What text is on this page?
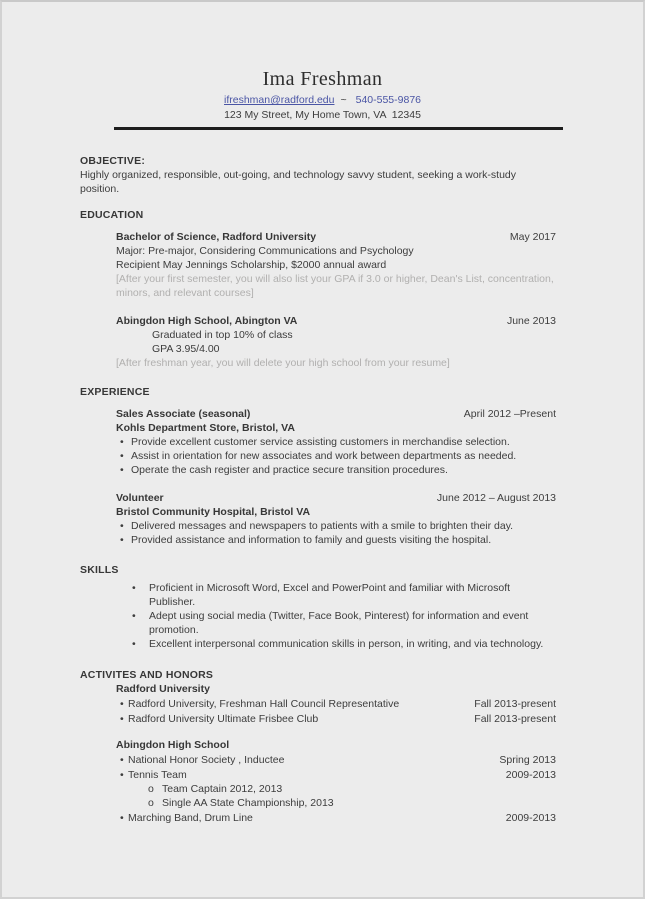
Ima Freshman
ifreshman@radford.edu ~ 540-555-9876
123 My Street, My Home Town, VA  12345
OBJECTIVE:
Highly organized, responsible, out-going, and technology savvy student, seeking a work-study position.
EDUCATION
Bachelor of Science, Radford University	May 2017
Major: Pre-major, Considering Communications and Psychology
Recipient May Jennings Scholarship, $2000 annual award
[After your first semester, you will also list your GPA if 3.0 or higher, Dean's List, concentration, minors, and relevant courses]
Abingdon High School, Abington VA	June 2013
Graduated in top 10% of class
GPA 3.95/4.00
[After freshman year, you will delete your high school from your resume]
EXPERIENCE
Sales Associate (seasonal)	April 2012 –Present
Kohls Department Store, Bristol, VA
• Provide excellent customer service assisting customers in merchandise selection.
• Assist in orientation for new associates and work between departments as needed.
• Operate the cash register and practice secure transition procedures.
Volunteer	June 2012 – August 2013
Bristol Community Hospital, Bristol VA
• Delivered messages and newspapers to patients with a smile to brighten their day.
• Provided assistance and information to family and guests visiting the hospital.
SKILLS
•	Proficient in Microsoft Word, Excel and PowerPoint and familiar with Microsoft Publisher.
•	Adept using social media (Twitter, Face Book, Pinterest) for information and event promotion.
•	Excellent interpersonal communication skills in person, in writing, and via technology.
ACTIVITES AND HONORS
Radford University
• Radford University, Freshman Hall Council Representative	Fall 2013-present
• Radford University Ultimate Frisbee Club	Fall 2013-present
Abingdon High School
• National Honor Society , Inductee	Spring 2013
• Tennis Team	2009-2013
o Team Captain 2012, 2013
o Single AA State Championship, 2013
• Marching Band, Drum Line	2009-2013
